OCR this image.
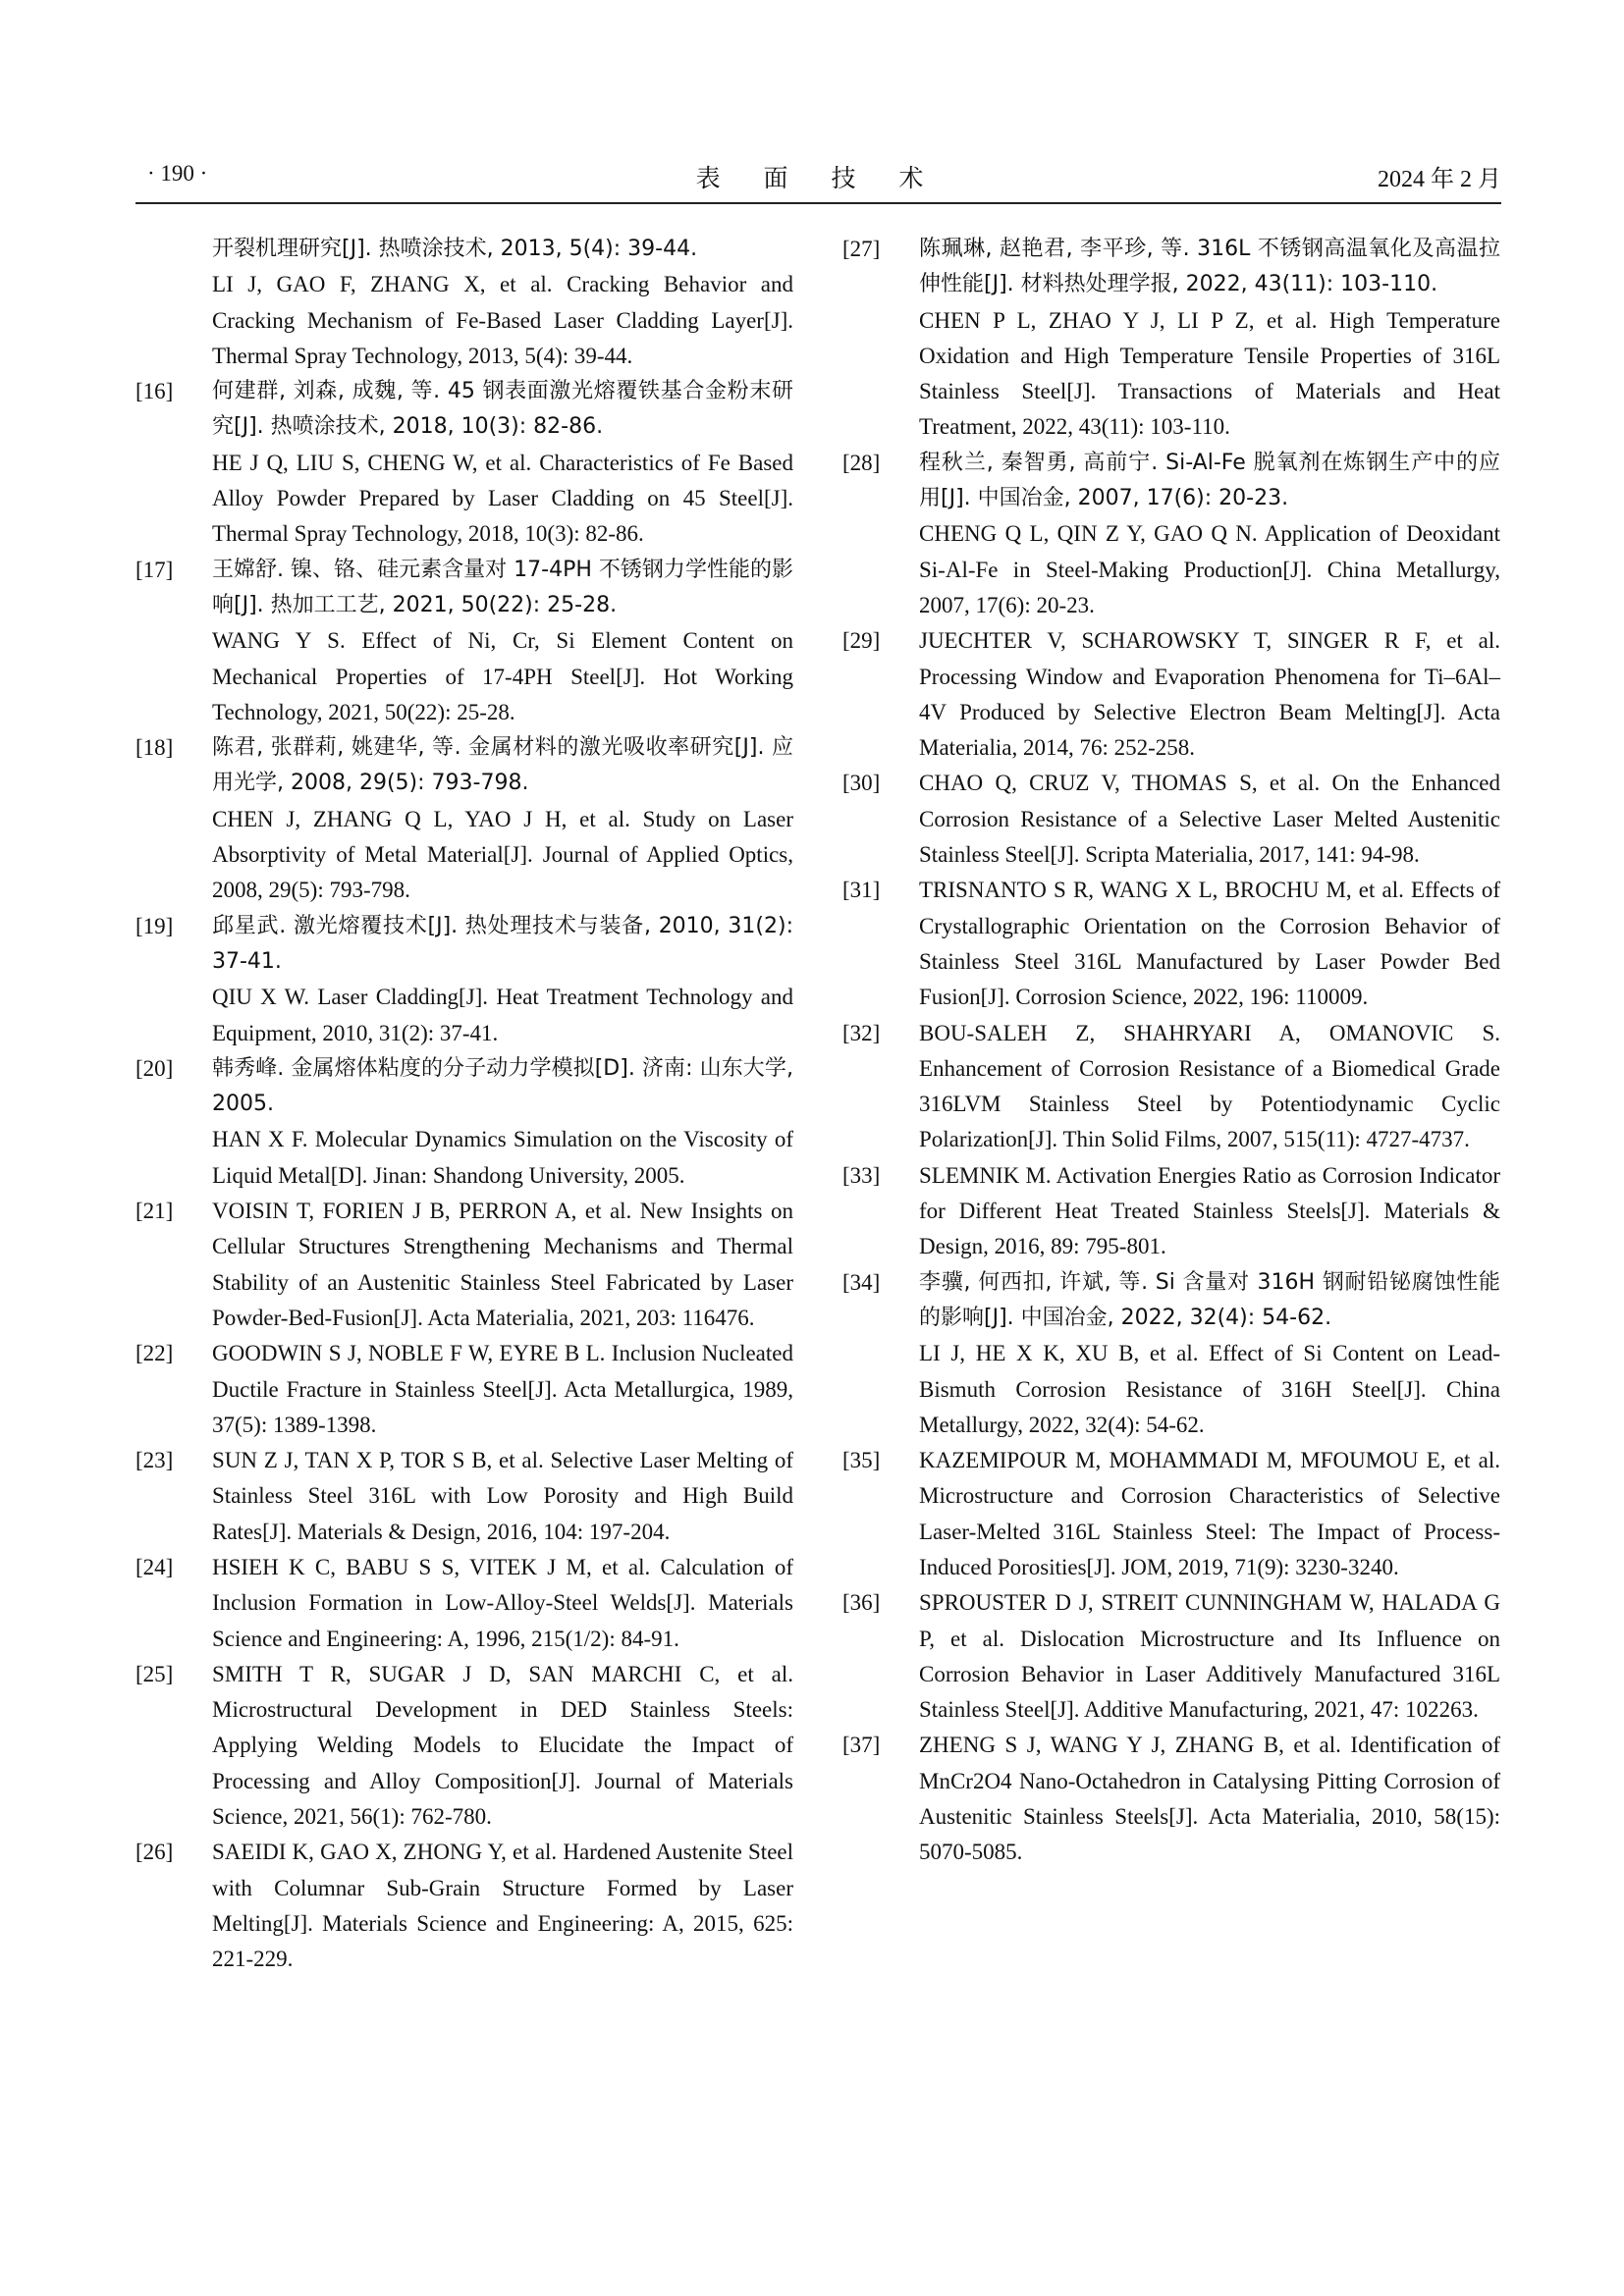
· 190 ·	表 面 技 术	2024 年 2 月
开裂机理研究[J]. 热喷涂技术, 2013, 5(4): 39-44.
LI J, GAO F, ZHANG X, et al. Cracking Behavior and Cracking Mechanism of Fe-Based Laser Cladding Layer[J]. Thermal Spray Technology, 2013, 5(4): 39-44.
[16]	何建群, 刘森, 成魏, 等. 45 钢表面激光熔覆铁基合金粉末研究[J]. 热喷涂技术, 2018, 10(3): 82-86.
HE J Q, LIU S, CHENG W, et al. Characteristics of Fe Based Alloy Powder Prepared by Laser Cladding on 45 Steel[J]. Thermal Spray Technology, 2018, 10(3): 82-86.
[17]	王嫦舒. 镍、铬、硅元素含量对 17-4PH 不锈钢力学性能的影响[J]. 热加工工艺, 2021, 50(22): 25-28.
WANG Y S. Effect of Ni, Cr, Si Element Content on Mechanical Properties of 17-4PH Steel[J]. Hot Working Technology, 2021, 50(22): 25-28.
[18]	陈君, 张群莉, 姚建华, 等. 金属材料的激光吸收率研究[J]. 应用光学, 2008, 29(5): 793-798.
CHEN J, ZHANG Q L, YAO J H, et al. Study on Laser Absorptivity of Metal Material[J]. Journal of Applied Optics, 2008, 29(5): 793-798.
[19]	邱星武. 激光熔覆技术[J]. 热处理技术与装备, 2010, 31(2): 37-41.
QIU X W. Laser Cladding[J]. Heat Treatment Technology and Equipment, 2010, 31(2): 37-41.
[20]	韩秀峰. 金属熔体粘度的分子动力学模拟[D]. 济南: 山东大学, 2005.
HAN X F. Molecular Dynamics Simulation on the Viscosity of Liquid Metal[D]. Jinan: Shandong University, 2005.
[21]	VOISIN T, FORIEN J B, PERRON A, et al. New Insights on Cellular Structures Strengthening Mechanisms and Thermal Stability of an Austenitic Stainless Steel Fabricated by Laser Powder-Bed-Fusion[J]. Acta Materialia, 2021, 203: 116476.
[22]	GOODWIN S J, NOBLE F W, EYRE B L. Inclusion Nucleated Ductile Fracture in Stainless Steel[J]. Acta Metallurgica, 1989, 37(5): 1389-1398.
[23]	SUN Z J, TAN X P, TOR S B, et al. Selective Laser Melting of Stainless Steel 316L with Low Porosity and High Build Rates[J]. Materials & Design, 2016, 104: 197-204.
[24]	HSIEH K C, BABU S S, VITEK J M, et al. Calculation of Inclusion Formation in Low-Alloy-Steel Welds[J]. Materials Science and Engineering: A, 1996, 215(1/2): 84-91.
[25]	SMITH T R, SUGAR J D, SAN MARCHI C, et al. Microstructural Development in DED Stainless Steels: Applying Welding Models to Elucidate the Impact of Processing and Alloy Composition[J]. Journal of Materials Science, 2021, 56(1): 762-780.
[26]	SAEIDI K, GAO X, ZHONG Y, et al. Hardened Austenite Steel with Columnar Sub-Grain Structure Formed by Laser Melting[J]. Materials Science and Engineering: A, 2015, 625: 221-229.
[27]	陈珮琳, 赵艳君, 李平珍, 等. 316L 不锈钢高温氧化及高温拉伸性能[J]. 材料热处理学报, 2022, 43(11): 103-110.
CHEN P L, ZHAO Y J, LI P Z, et al. High Temperature Oxidation and High Temperature Tensile Properties of 316L Stainless Steel[J]. Transactions of Materials and Heat Treatment, 2022, 43(11): 103-110.
[28]	程秋兰, 秦智勇, 高前宁. Si-Al-Fe 脱氧剂在炼钢生产中的应用[J]. 中国冶金, 2007, 17(6): 20-23.
CHENG Q L, QIN Z Y, GAO Q N. Application of Deoxidant Si-Al-Fe in Steel-Making Production[J]. China Metallurgy, 2007, 17(6): 20-23.
[29]	JUECHTER V, SCHAROWSKY T, SINGER R F, et al. Processing Window and Evaporation Phenomena for Ti–6Al–4V Produced by Selective Electron Beam Melting[J]. Acta Materialia, 2014, 76: 252-258.
[30]	CHAO Q, CRUZ V, THOMAS S, et al. On the Enhanced Corrosion Resistance of a Selective Laser Melted Austenitic Stainless Steel[J]. Scripta Materialia, 2017, 141: 94-98.
[31]	TRISNANTO S R, WANG X L, BROCHU M, et al. Effects of Crystallographic Orientation on the Corrosion Behavior of Stainless Steel 316L Manufactured by Laser Powder Bed Fusion[J]. Corrosion Science, 2022, 196: 110009.
[32]	BOU-SALEH Z, SHAHRYARI A, OMANOVIC S. Enhancement of Corrosion Resistance of a Biomedical Grade 316LVM Stainless Steel by Potentiodynamic Cyclic Polarization[J]. Thin Solid Films, 2007, 515(11): 4727-4737.
[33]	SLEMNIK M. Activation Energies Ratio as Corrosion Indicator for Different Heat Treated Stainless Steels[J]. Materials & Design, 2016, 89: 795-801.
[34]	李骥, 何西扣, 许斌, 等. Si 含量对 316H 钢耐铅铋腐蚀性能的影响[J]. 中国冶金, 2022, 32(4): 54-62.
LI J, HE X K, XU B, et al. Effect of Si Content on Lead-Bismuth Corrosion Resistance of 316H Steel[J]. China Metallurgy, 2022, 32(4): 54-62.
[35]	KAZEMIPOUR M, MOHAMMADI M, MFOUMOU E, et al. Microstructure and Corrosion Characteristics of Selective Laser-Melted 316L Stainless Steel: The Impact of Process-Induced Porosities[J]. JOM, 2019, 71(9): 3230-3240.
[36]	SPROUSTER D J, STREIT CUNNINGHAM W, HALADA G P, et al. Dislocation Microstructure and Its Influence on Corrosion Behavior in Laser Additively Manufactured 316L Stainless Steel[J]. Additive Manufacturing, 2021, 47: 102263.
[37]	ZHENG S J, WANG Y J, ZHANG B, et al. Identification of MnCr2O4 Nano-Octahedron in Catalysing Pitting Corrosion of Austenitic Stainless Steels[J]. Acta Materialia, 2010, 58(15): 5070-5085.
